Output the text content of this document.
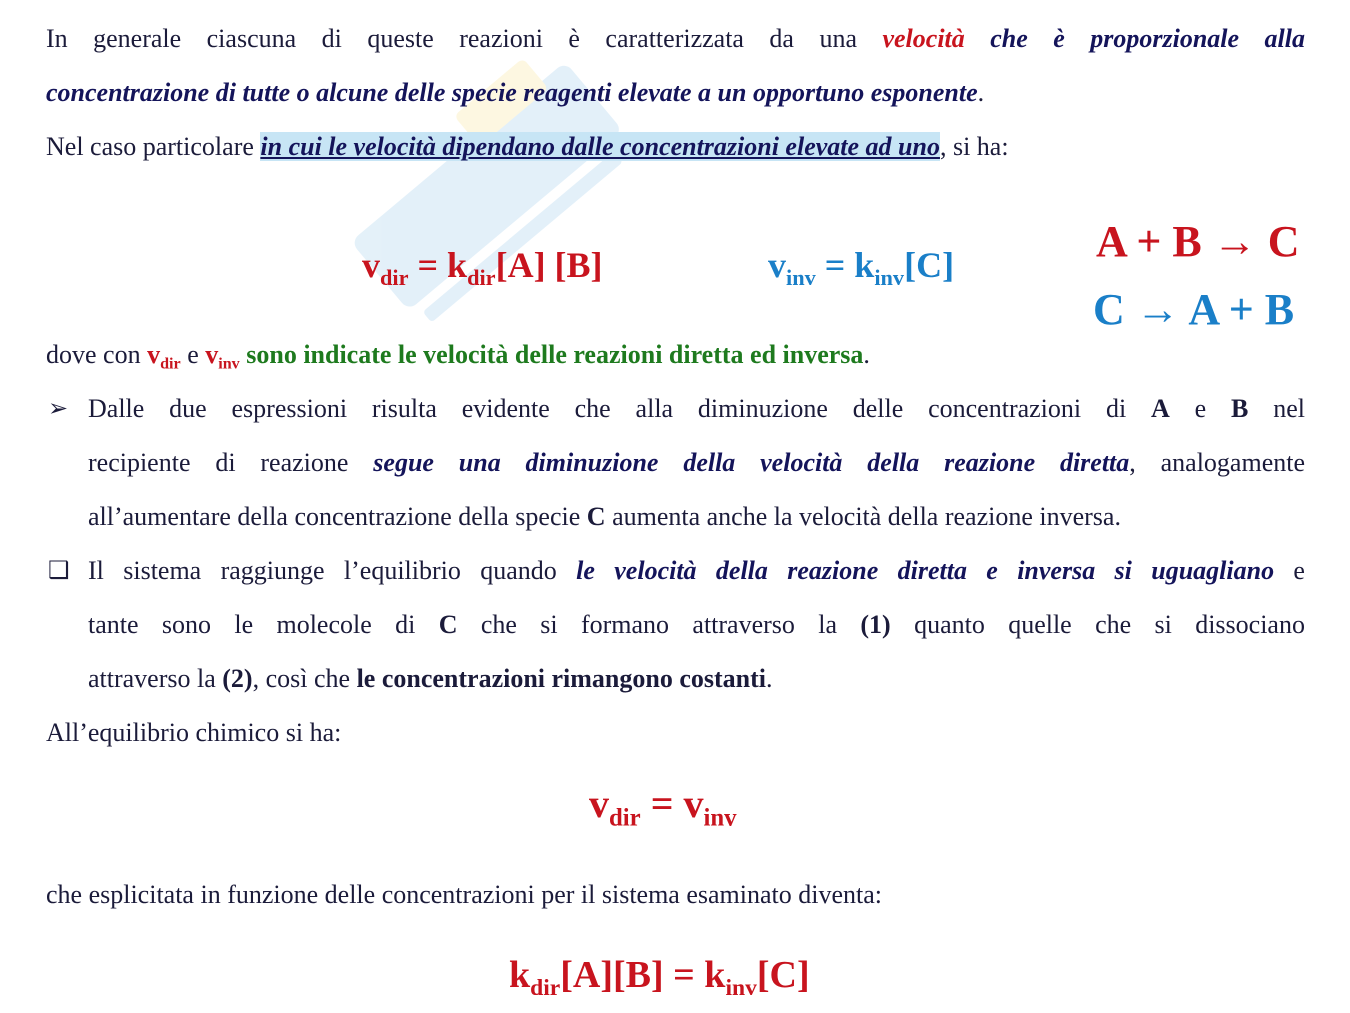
In generale ciascuna di queste reazioni è caratterizzata da una velocità che è proporzionale alla
concentrazione di tutte o alcune delle specie reagenti elevate a un opportuno esponente.
Nel caso particolare in cui le velocità dipendano dalle concentrazioni elevate ad uno, si ha:
$v_{dir} = k_{dir}[A]$ [B]	$v_{inv} = k_{inv}[C]$	A + B → C
C → A + B
dove con $v_{dir}$ e $v_{inv}$ sono indicate le velocità delle reazioni diretta ed inversa.
➢ Dalle due espressioni risulta evidente che alla diminuzione delle concentrazioni di A e B nel
recipiente di reazione segue una diminuzione della velocità della reazione diretta, analogamente
all’aumentare della concentrazione della specie C aumenta anche la velocità della reazione inversa.
❑ Il sistema raggiunge l’equilibrio quando le velocità della reazione diretta e inversa si uguagliano e
tante sono le molecole di C che si formano attraverso la (1) quanto quelle che si dissociano
attraverso la (2), così che le concentrazioni rimangono costanti.
All’equilibrio chimico si ha:
$v_{dir} = v_{inv}$
che esplicitata in funzione delle concentrazioni per il sistema esaminato diventa:
$k_{dir}[A][B] = k_{inv}[C]$
